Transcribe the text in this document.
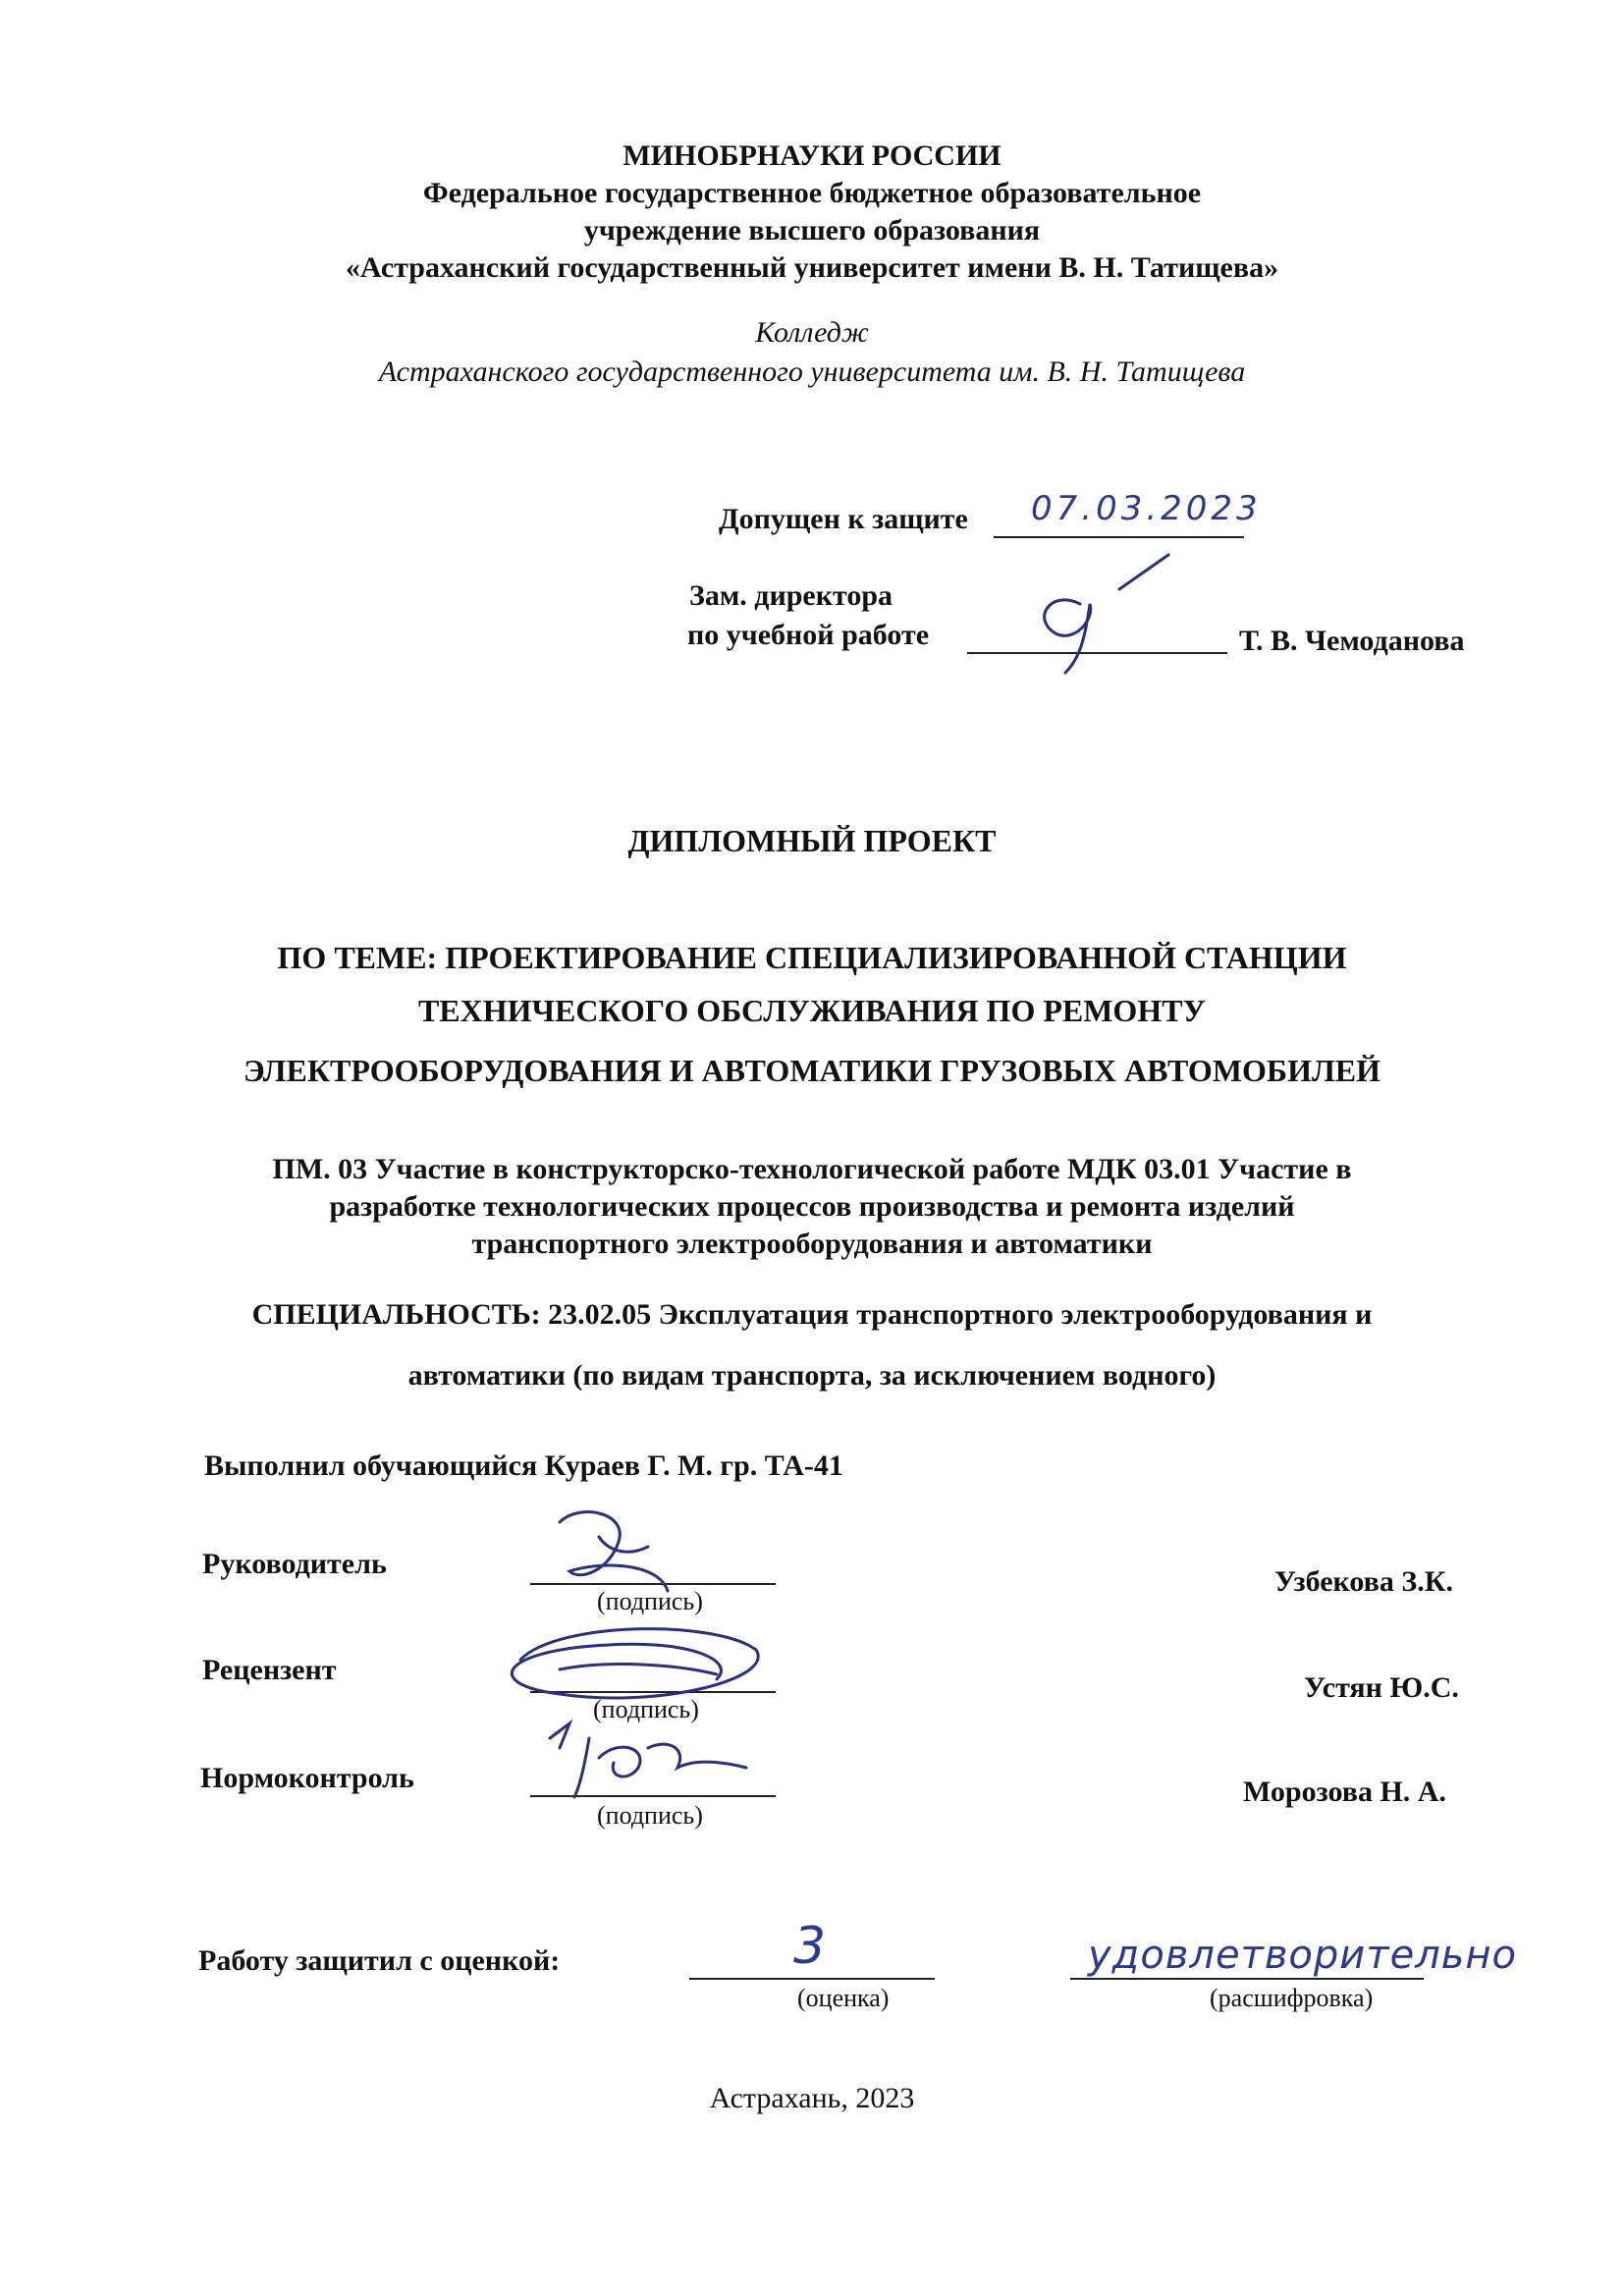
МИНОБРНАУКИ РОССИИ
Федеральное государственное бюджетное образовательное
учреждение высшего образования
«Астраханский государственный университет имени В. Н. Татищева»
Колледж
Астраханского государственного университета им. В. Н. Татищева
Допущен к защите 07.03.2023
Зам. директора
по учебной работе	Т. В. Чемоданова
ДИПЛОМНЫЙ ПРОЕКТ
ПО ТЕМЕ: ПРОЕКТИРОВАНИЕ СПЕЦИАЛИЗИРОВАННОЙ СТАНЦИИ
ТЕХНИЧЕСКОГО ОБСЛУЖИВАНИЯ ПО РЕМОНТУ
ЭЛЕКТРООБОРУДОВАНИЯ И АВТОМАТИКИ ГРУЗОВЫХ АВТОМОБИЛЕЙ
ПМ. 03 Участие в конструкторско-технологической работе МДК 03.01 Участие в
разработке технологических процессов производства и ремонта изделий
транспортного электрооборудования и автоматики
СПЕЦИАЛЬНОСТЬ: 23.02.05 Эксплуатация транспортного электрооборудования и
автоматики (по видам транспорта, за исключением водного)
Выполнил обучающийся Кураев Г. М. гр. ТА-41
Руководитель
(подпись)
Узбекова З.К.
Рецензент
(подпись)
Устян Ю.С.
Нормоконтроль
(подпись)
Морозова Н. А.
Работу защитил с оценкой:	3
(оценка)
удовлетворительно
(расшифровка)
Астрахань, 2023
